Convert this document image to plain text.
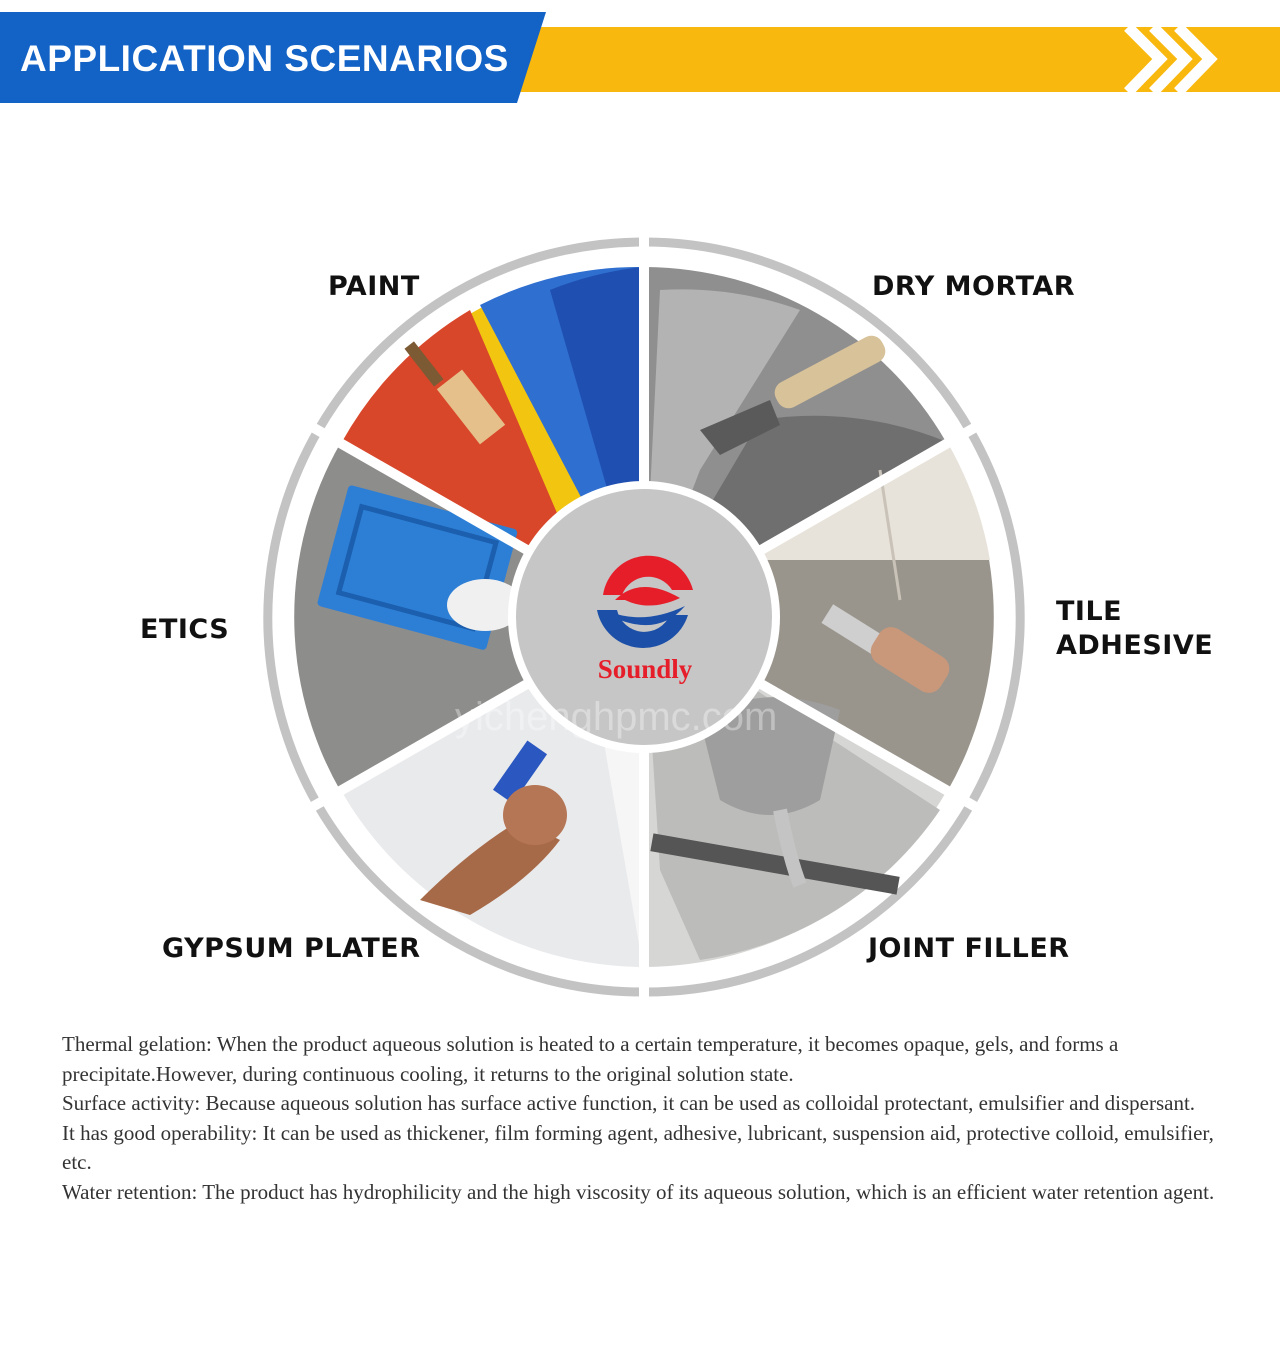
APPLICATION SCENARIOS
Soundly
yichenghpmc.com
PAINT	DRY MORTAR
TILE
ADHESIVE
JOINT FILLER
GYPSUM PLATER
ETICS

Thermal gelation: When the product aqueous solution is heated to a certain temperature, it becomes opaque, gels, and forms a precipitate.However, during continuous cooling, it returns to the original solution state.

Surface activity: Because aqueous solution has surface active function, it can be used as colloidal protectant, emulsifier and dispersant.

It has good operability: It can be used as thickener, film forming agent, adhesive, lubricant, suspension aid, protective colloid, emulsifier, etc.

Water retention: The product has hydrophilicity and the high viscosity of its aqueous solution, which is an efficient water retention agent.
